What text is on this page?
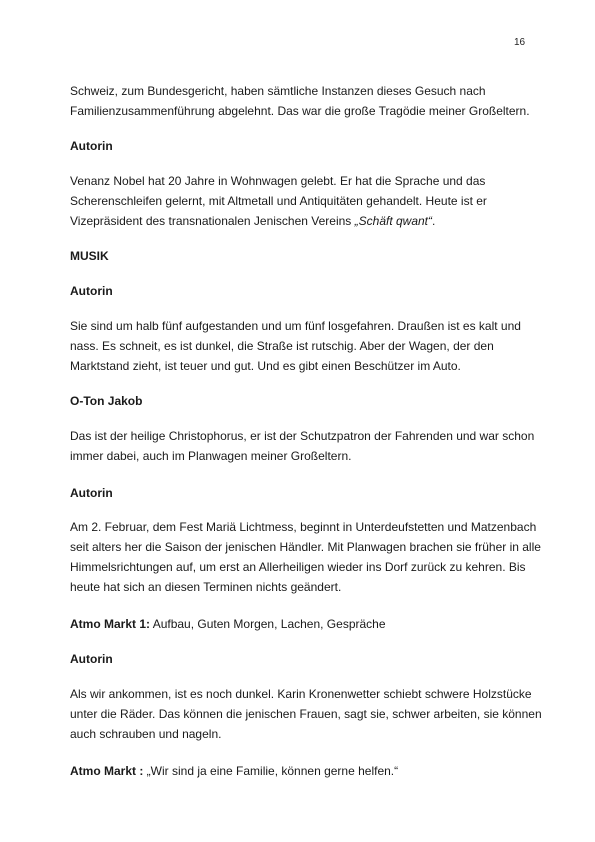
16

Schweiz, zum Bundesgericht, haben sämtliche Instanzen dieses Gesuch nach

Familienzusammenführung abgelehnt. Das war die große Tragödie meiner Großeltern.

Autorin

Venanz Nobel hat 20 Jahre in Wohnwagen gelebt. Er hat die Sprache und das

Scherenschleifen gelernt, mit Altmetall und Antiquitäten gehandelt. Heute ist er

Vizepräsident des transnationalen Jenischen Vereins „Schäft qwant“.

MUSIK

Autorin

Sie sind um halb fünf aufgestanden und um fünf losgefahren. Draußen ist es kalt und

nass. Es schneit, es ist dunkel, die Straße ist rutschig. Aber der Wagen, der den

Marktstand zieht, ist teuer und gut. Und es gibt einen Beschützer im Auto.

O-Ton Jakob

Das ist der heilige Christophorus, er ist der Schutzpatron der Fahrenden und war schon

immer dabei, auch im Planwagen meiner Großeltern.

Autorin

Am 2. Februar, dem Fest Mariä Lichtmess, beginnt in Unterdeufstetten und Matzenbach

seit alters her die Saison der jenischen Händler. Mit Planwagen brachen sie früher in alle

Himmelsrichtungen auf, um erst an Allerheiligen wieder ins Dorf zurück zu kehren. Bis

heute hat sich an diesen Terminen nichts geändert.

Atmo Markt 1: Aufbau, Guten Morgen, Lachen, Gespräche

Autorin

Als wir ankommen, ist es noch dunkel. Karin Kronenwetter schiebt schwere Holzstücke

unter die Räder. Das können die jenischen Frauen, sagt sie, schwer arbeiten, sie können

auch schrauben und nageln.

Atmo Markt : „Wir sind ja eine Familie, können gerne helfen.“
